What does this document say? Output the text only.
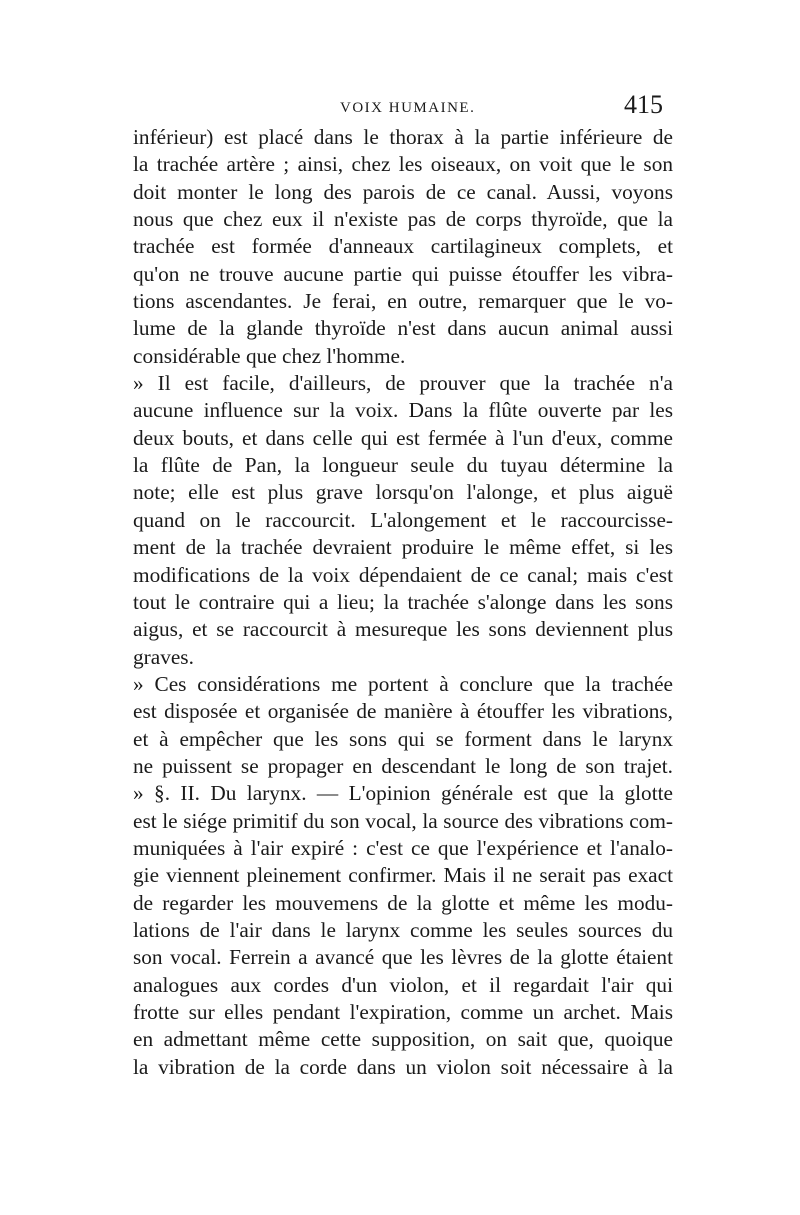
VOIX HUMAINE.	415
inférieur) est placé dans le thorax à la partie inférieure de
la trachée artère ; ainsi, chez les oiseaux, on voit que le son
doit monter le long des parois de ce canal. Aussi, voyons
nous que chez eux il n'existe pas de corps thyroïde, que la
trachée est formée d'anneaux cartilagineux complets, et
qu'on ne trouve aucune partie qui puisse étouffer les vibra-
tions ascendantes. Je ferai, en outre, remarquer que le vo-
lume de la glande thyroïde n'est dans aucun animal aussi
considérable que chez l'homme.
» Il est facile, d'ailleurs, de prouver que la trachée n'a
aucune influence sur la voix. Dans la flûte ouverte par les
deux bouts, et dans celle qui est fermée à l'un d'eux, comme
la flûte de Pan, la longueur seule du tuyau détermine la
note; elle est plus grave lorsqu'on l'alonge, et plus aiguë
quand on le raccourcit. L'alongement et le raccourcisse-
ment de la trachée devraient produire le même effet, si les
modifications de la voix dépendaient de ce canal; mais c'est
tout le contraire qui a lieu; la trachée s'alonge dans les sons
aigus, et se raccourcit à mesureque les sons deviennent plus
graves.
» Ces considérations me portent à conclure que la trachée
est disposée et organisée de manière à étouffer les vibrations,
et à empêcher que les sons qui se forment dans le larynx
ne puissent se propager en descendant le long de son trajet.
» §. II. Du larynx. — L'opinion générale est que la glotte
est le siége primitif du son vocal, la source des vibrations com-
muniquées à l'air expiré : c'est ce que l'expérience et l'analo-
gie viennent pleinement confirmer. Mais il ne serait pas exact
de regarder les mouvemens de la glotte et même les modu-
lations de l'air dans le larynx comme les seules sources du
son vocal. Ferrein a avancé que les lèvres de la glotte étaient
analogues aux cordes d'un violon, et il regardait l'air qui
frotte sur elles pendant l'expiration, comme un archet. Mais
en admettant même cette supposition, on sait que, quoique
la vibration de la corde dans un violon soit nécessaire à la
